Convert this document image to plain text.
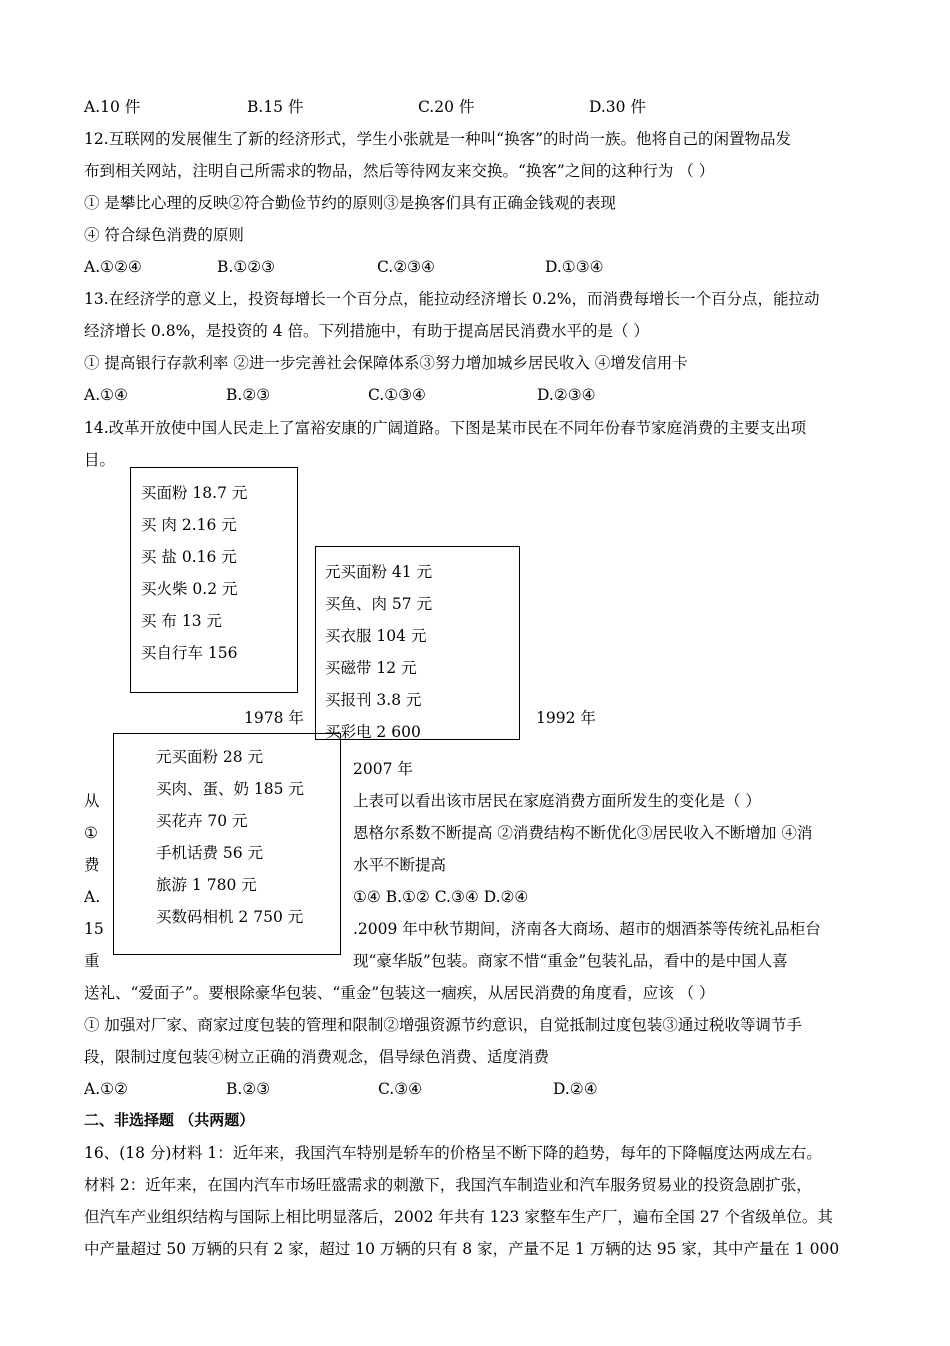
A.10 件	B.15 件	C.20 件	D.30 件
12.互联网的发展催生了新的经济形式，学生小张就是一种叫“换客”的时尚一族。他将自己的闲置物品发
布到相关网站，注明自己所需求的物品，然后等待网友来交换。“换客”之间的这种行为 （ ）
① 是攀比心理的反映②符合勤俭节约的原则③是换客们具有正确金钱观的表现
④ 符合绿色消费的原则
A.①②④	B.①②③	C.②③④	D.①③④
13.在经济学的意义上，投资每增长一个百分点，能拉动经济增长 0.2%，而消费每增长一个百分点，能拉动
经济增长 0.8%，是投资的 4 倍。下列措施中，有助于提高居民消费水平的是（ ）
① 提高银行存款利率 ②进一步完善社会保障体系③努力增加城乡居民收入 ④增发信用卡
A.①④	B.②③	C.①③④	D.②③④
14.改革开放使中国人民走上了富裕安康的广阔道路。下图是某市民在不同年份春节家庭消费的主要支出项
目。
买面粉 18.7 元
买 肉 2.16 元
买 盐 0.16 元
买火柴 0.2 元
买 布 13 元
买自行车 156
1978 年
元买面粉 41 元
买鱼、肉 57 元
买衣服 104 元
买磁带 12 元
买报刊 3.8 元
买彩电 2 600
1992 年
元买面粉 28 元
买肉、蛋、奶 185 元
买花卉 70 元
手机话费 56 元
旅游 1 780 元
买数码相机 2 750 元
2007 年
从
①
费
A.
15
重
上表可以看出该市居民在家庭消费方面所发生的变化是（ ）
恩格尔系数不断提高 ②消费结构不断优化③居民收入不断增加 ④消
水平不断提高
①④ B.①② C.③④ D.②④
.2009 年中秋节期间，济南各大商场、超市的烟酒茶等传统礼品柜台
现“豪华版”包装。商家不惜“重金”包装礼品，看中的是中国人喜
送礼、“爱面子”。要根除豪华包装、“重金”包装这一痼疾，从居民消费的角度看，应该 （ ）
① 加强对厂家、商家过度包装的管理和限制②增强资源节约意识，自觉抵制过度包装③通过税收等调节手
段，限制过度包装④树立正确的消费观念，倡导绿色消费、适度消费
A.①②	B.②③	C.③④	D.②④
二、非选择题 （共两题）
16、(18 分)材料 1：近年来，我国汽车特别是轿车的价格呈不断下降的趋势，每年的下降幅度达两成左右。
材料 2：近年来，在国内汽车市场旺盛需求的刺激下，我国汽车制造业和汽车服务贸易业的投资急剧扩张，
但汽车产业组织结构与国际上相比明显落后，2002 年共有 123 家整车生产厂，遍布全国 27 个省级单位。其
中产量超过 50 万辆的只有 2 家，超过 10 万辆的只有 8 家，产量不足 1 万辆的达 95 家，其中产量在 1 000
